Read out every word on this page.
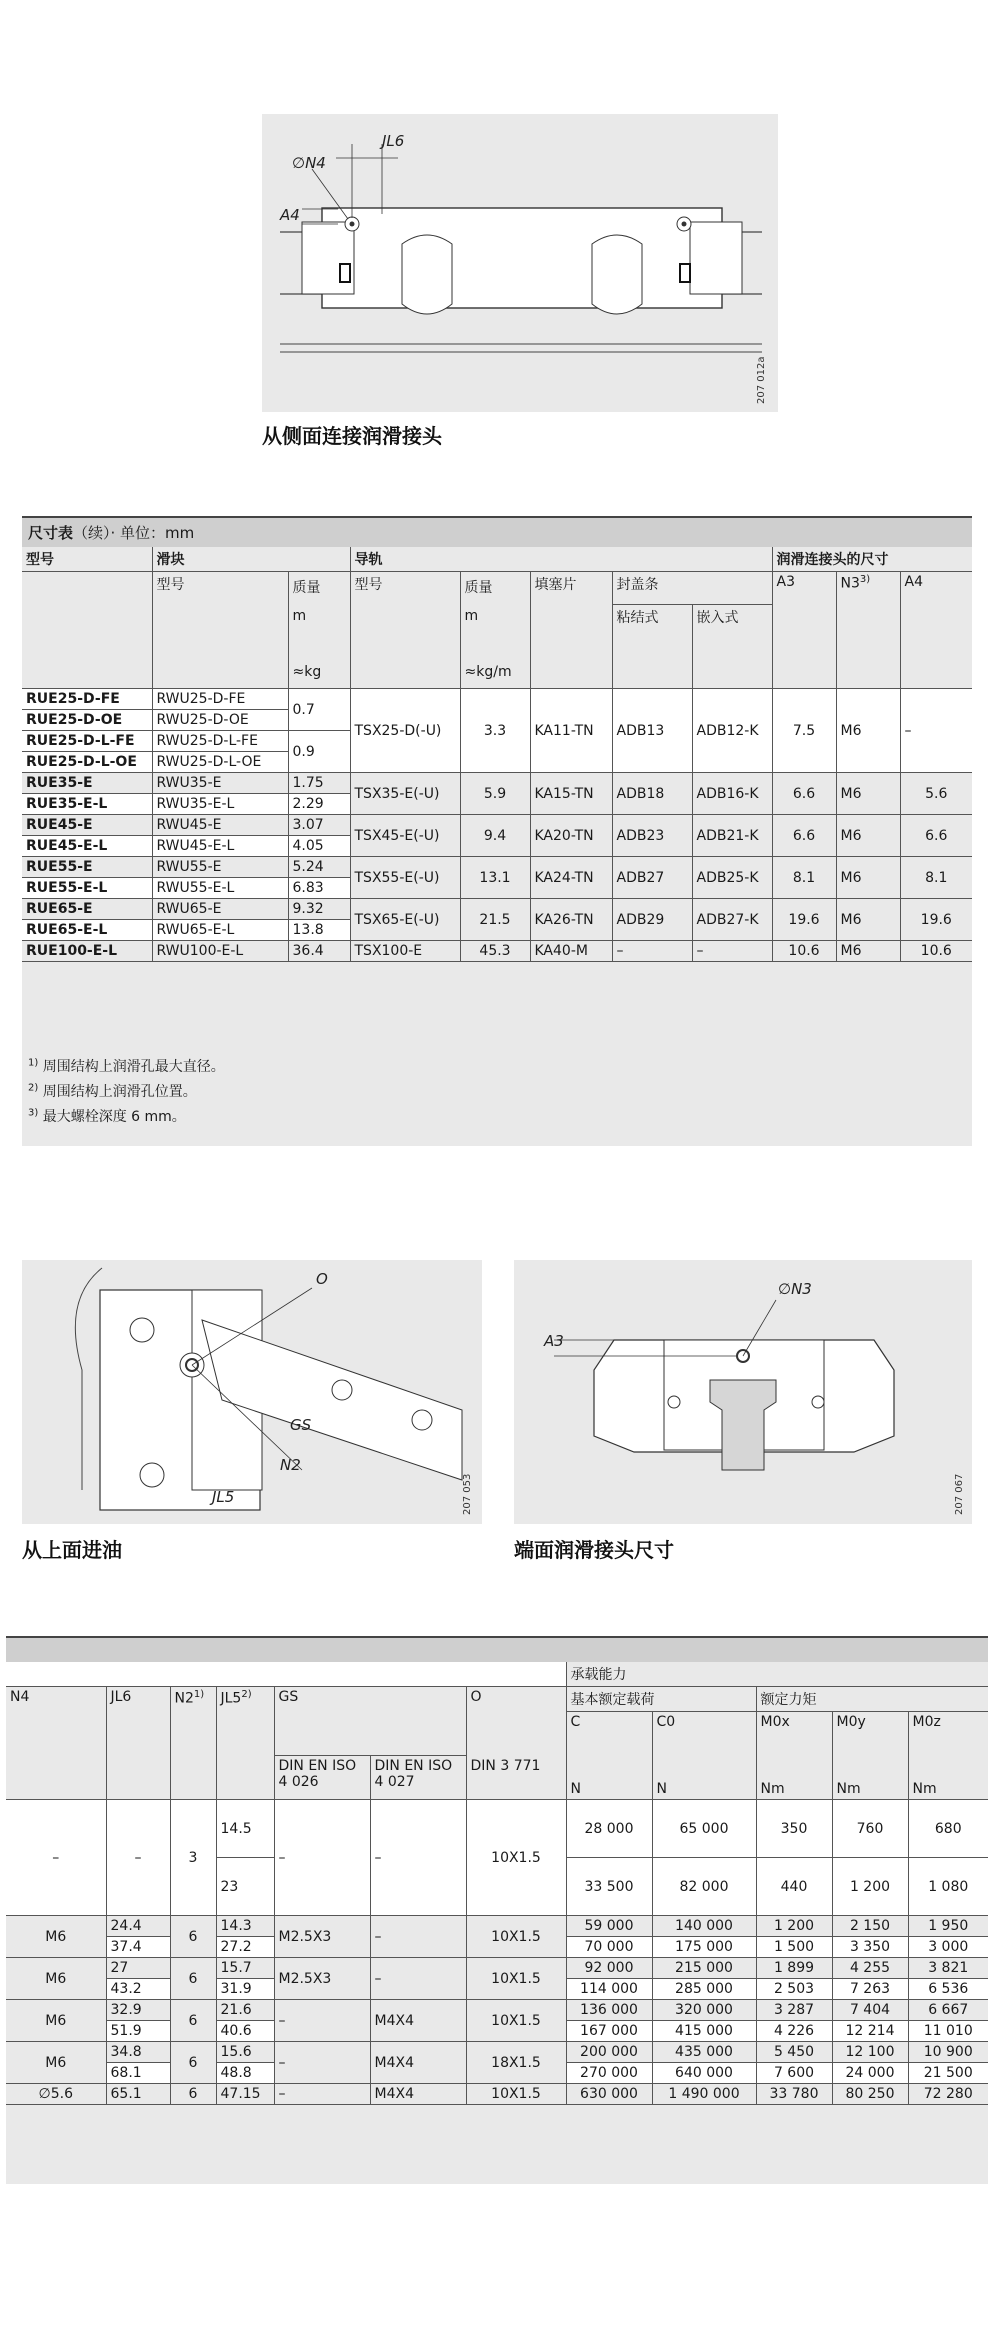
∅N4
JL6
A4
207 012a
从侧面连接润滑接头
尺寸表（续）· 单位：mm
型号	滑块		导轨					润滑连接头的尺寸		
	型号	质量
m

≈kg	型号	质量
m

≈kg/m	填塞片	封盖条		A3	N3$^{3)}$	A4
						粘结式	嵌入式			

RUE25-D-FE	RWU25-D-FE	0.7	TSX25-D(-U)	3.3	KA11-TN	ADB13	ADB12-K	7.5	M6	–
RUE25-D-OE	RWU25-D-OE									
RUE25-D-L-FE	RWU25-D-L-FE	0.9								
RUE25-D-L-OE	RWU25-D-L-OE									
RUE35-E	RWU35-E	1.75	TSX35-E(-U)	5.9	KA15-TN	ADB18	ADB16-K	6.6	M6	5.6
RUE35-E-L	RWU35-E-L	2.29								
RUE45-E	RWU45-E	3.07	TSX45-E(-U)	9.4	KA20-TN	ADB23	ADB21-K	6.6	M6	6.6
RUE45-E-L	RWU45-E-L	4.05								
RUE55-E	RWU55-E	5.24	TSX55-E(-U)	13.1	KA24-TN	ADB27	ADB25-K	8.1	M6	8.1
RUE55-E-L	RWU55-E-L	6.83								
RUE65-E	RWU65-E	9.32	TSX65-E(-U)	21.5	KA26-TN	ADB29	ADB27-K	19.6	M6	19.6
RUE65-E-L	RWU65-E-L	13.8								
RUE100-E-L	RWU100-E-L	36.4	TSX100-E	45.3	KA40-M	–	–	10.6	M6	10.6
$^{1)}$ 周围结构上润滑孔最大直径。
$^{2)}$ 周围结构上润滑孔位置。
$^{3)}$ 最大螺栓深度 6 mm。
O
GS
N2
JL5	207 053
从上面进油
∅N3
A3
207 067
端面润滑接头尺寸
							承载能力				
N4	JL6	N2$^{1)}$	JL5$^{2)}$	GS		O	基本额定载荷		额定力矩		
							C	C0	M0x	M0y	M0z
				DIN EN ISO 4 026	DIN EN ISO 4 027	DIN 3 771	N	N	Nm	Nm	Nm
–	–	3	14.5	–	–	10X1.5	28 000	65 000	350	760	680
			23				33 500	82 000	440	1 200	1 080
M6	24.4	6	14.3	M2.5X3	–	10X1.5	59 000	140 000	1 200	2 150	1 950
	37.4		27.2				70 000	175 000	1 500	3 350	3 000
M6	27	6	15.7	M2.5X3	–	10X1.5	92 000	215 000	1 899	4 255	3 821
	43.2		31.9				114 000	285 000	2 503	7 263	6 536
M6	32.9	6	21.6	–	M4X4	10X1.5	136 000	320 000	3 287	7 404	6 667
	51.9		40.6				167 000	415 000	4 226	12 214	11 010
M6	34.8	6	15.6	–	M4X4	18X1.5	200 000	435 000	5 450	12 100	10 900
	68.1		48.8				270 000	640 000	7 600	24 000	21 500
∅5.6	65.1	6	47.15	–	M4X4	10X1.5	630 000	1 490 000	33 780	80 250	72 280
